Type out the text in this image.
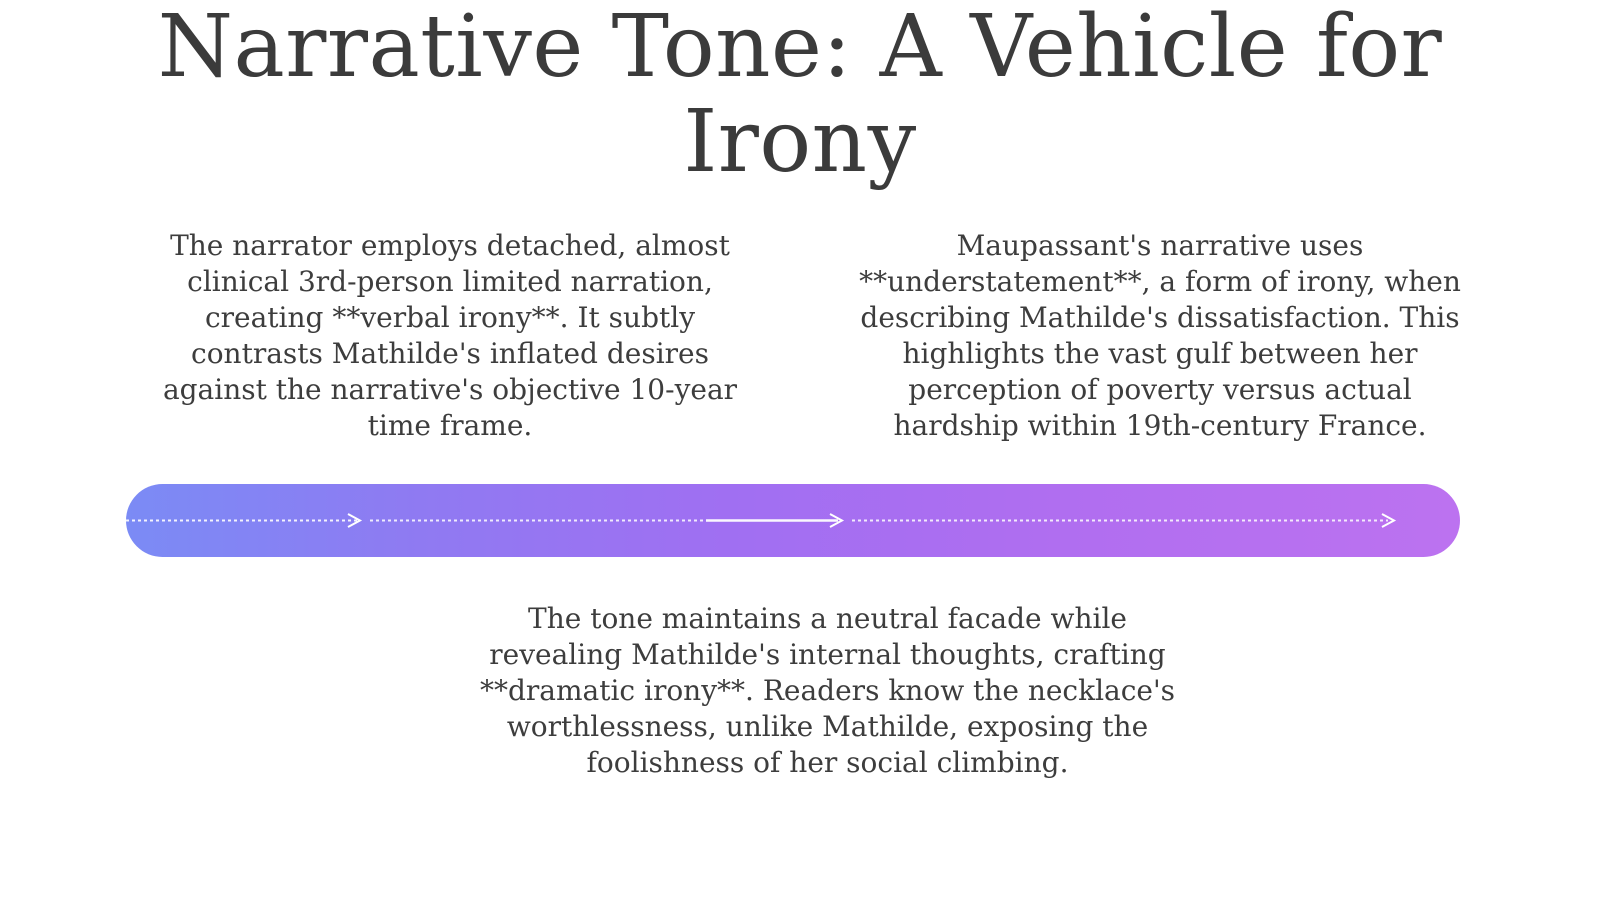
Narrative Tone: A Vehicle for Irony

The narrator employs detached, almost clinical 3rd-person limited narration, creating **verbal irony**. It subtly contrasts Mathilde's inflated desires against the narrative's objective 10-year time frame.

Maupassant's narrative uses **understatement**, a form of irony, when describing Mathilde's dissatisfaction. This highlights the vast gulf between her perception of poverty versus actual hardship within 19th-century France.

The tone maintains a neutral facade while revealing Mathilde's internal thoughts, crafting **dramatic irony**. Readers know the necklace's worthlessness, unlike Mathilde, exposing the foolishness of her social climbing.
